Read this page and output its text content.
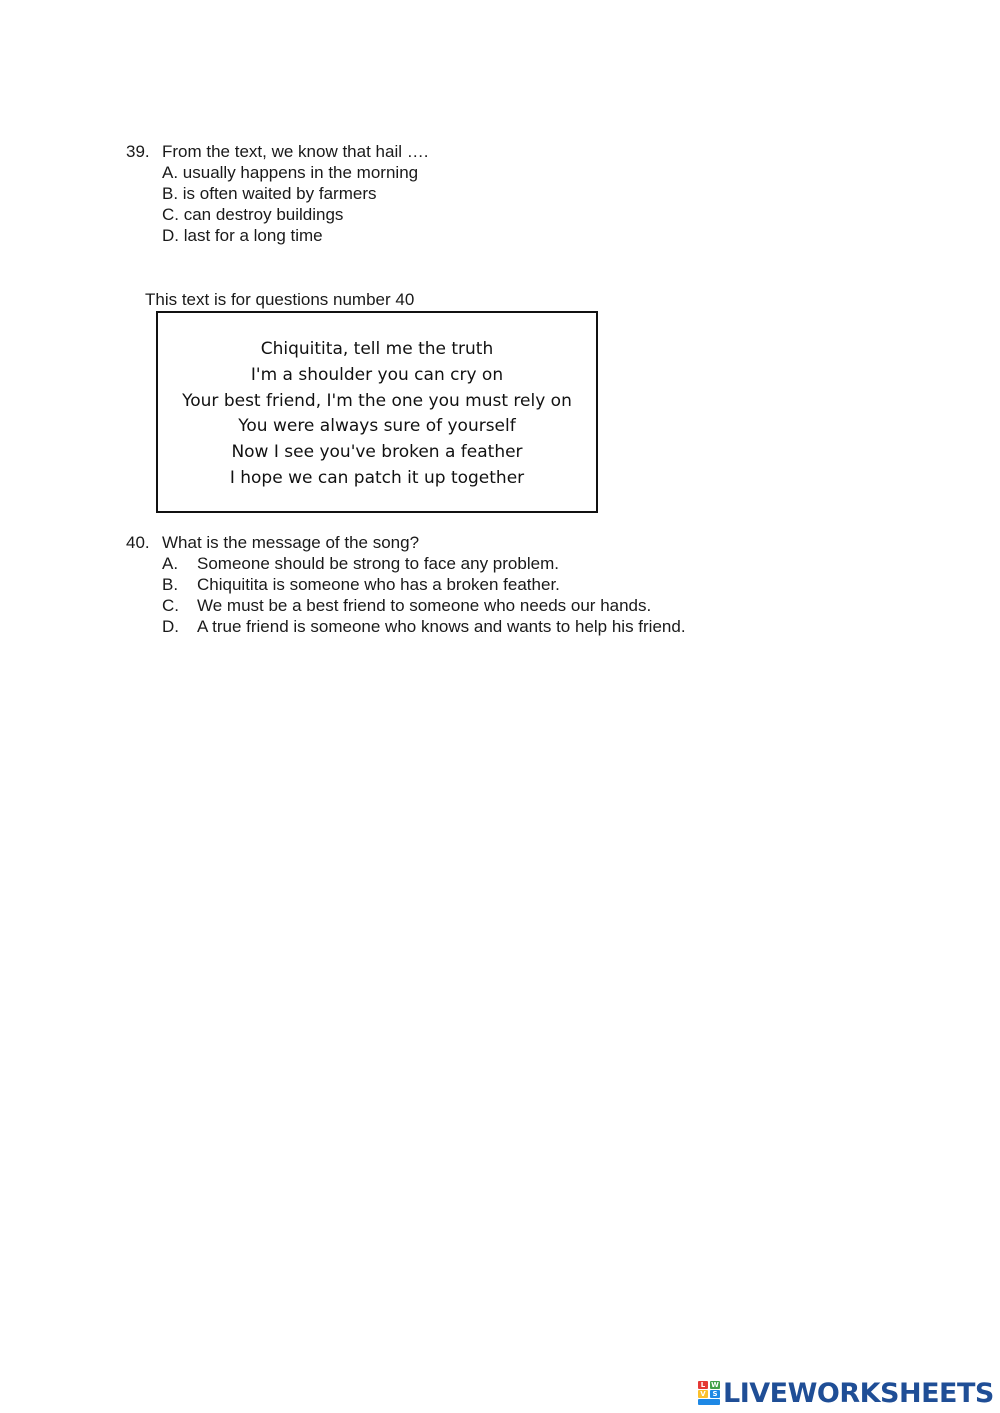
39. From the text, we know that hail ….
A. usually happens in the morning
B. is often waited by farmers
C. can destroy buildings
D. last for a long time
This text is for questions number 40
Chiquitita, tell me the truth
I'm a shoulder you can cry on
Your best friend, I'm the one you must rely on
You were always sure of yourself
Now I see you've broken a feather
I hope we can patch it up together
40. What is the message of the song?
A. Someone should be strong to face any problem.
B. Chiquitita is someone who has a broken feather.
C. We must be a best friend to someone who needs our hands.
D. A true friend is someone who knows and wants to help his friend.
L W
V S LIVEWORKSHEETS
